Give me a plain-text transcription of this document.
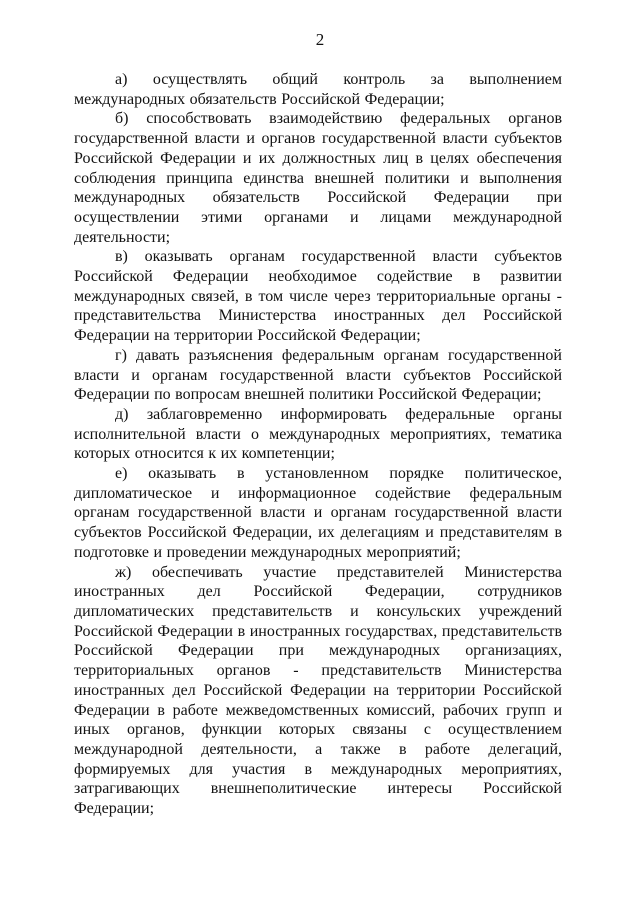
2

а) осуществлять общий контроль за выполнением международных обязательств Российской Федерации;

б) способствовать взаимодействию федеральных органов государственной власти и органов государственной власти субъектов Российской Федерации и их должностных лиц в целях обеспечения соблюдения принципа единства внешней политики и выполнения международных обязательств Российской Федерации при осуществлении этими органами и лицами международной деятельности;

в) оказывать органам государственной власти субъектов Российской Федерации необходимое содействие в развитии международных связей, в том числе через территориальные органы - представительства Министерства иностранных дел Российской Федерации на территории Российской Федерации;

г) давать разъяснения федеральным органам государственной власти и органам государственной власти субъектов Российской Федерации по вопросам внешней политики Российской Федерации;

д) заблаговременно информировать федеральные органы исполнительной власти о международных мероприятиях, тематика которых относится к их компетенции;

е) оказывать в установленном порядке политическое, дипломатическое и информационное содействие федеральным органам государственной власти и органам государственной власти субъектов Российской Федерации, их делегациям и представителям в подготовке и проведении международных мероприятий;

ж) обеспечивать участие представителей Министерства иностранных дел Российской Федерации, сотрудников дипломатических представительств и консульских учреждений Российской Федерации в иностранных государствах, представительств Российской Федерации при международных организациях, территориальных органов - представительств Министерства иностранных дел Российской Федерации на территории Российской Федерации в работе межведомственных комиссий, рабочих групп и иных органов, функции которых связаны с осуществлением международной деятельности, а также в работе делегаций, формируемых для участия в международных мероприятиях, затрагивающих внешнеполитические интересы Российской Федерации;
